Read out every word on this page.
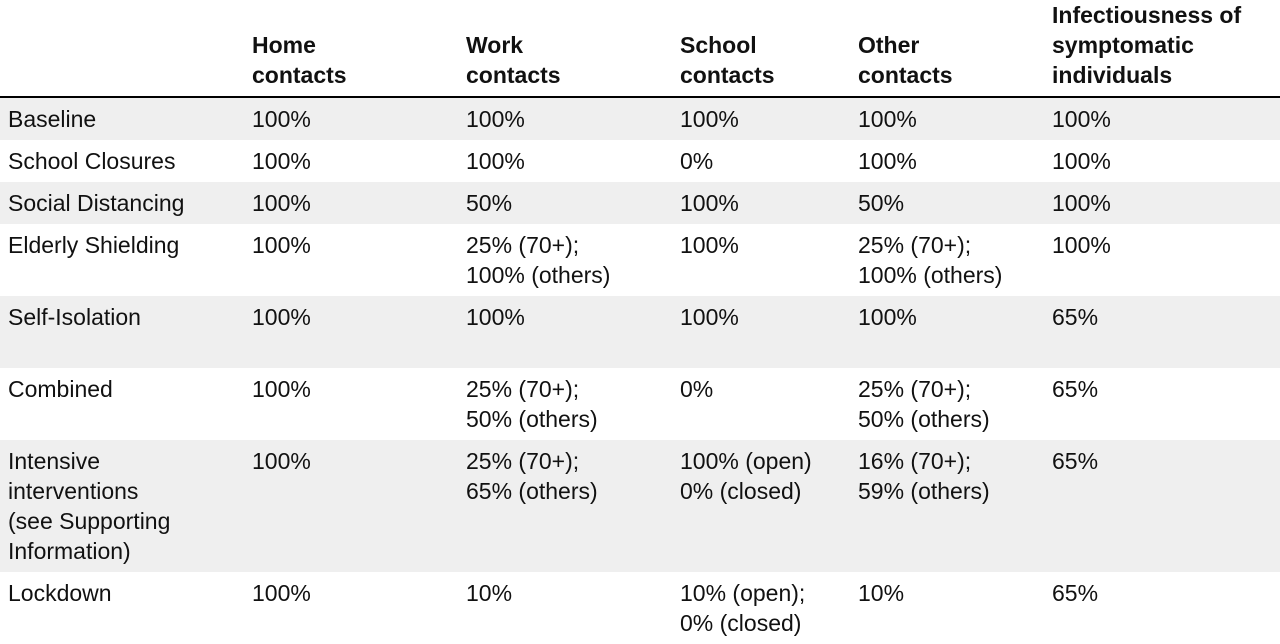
	Home
contacts	Work
contacts	School
contacts	Other
contacts	Infectiousness of
symptomatic
individuals

Baseline	100%	100%	100%	100%	100%

School Closures	100%	100%	0%	100%	100%

Social Distancing	100%	50%	100%	50%	100%

Elderly Shielding	100%	25% (70+);
100% (others)	100%	25% (70+);
100% (others)	100%

Self-Isolation	100%	100%	100%	100%	65%

Combined	100%	25% (70+);
50% (others)	0%	25% (70+);
50% (others)	65%

Intensive
interventions
(see Supporting
Information)	100%	25% (70+);
65% (others)	100% (open)
0% (closed)	16% (70+);
59% (others)	65%

Lockdown	100%	10%	10% (open);
0% (closed)	10%	65%
